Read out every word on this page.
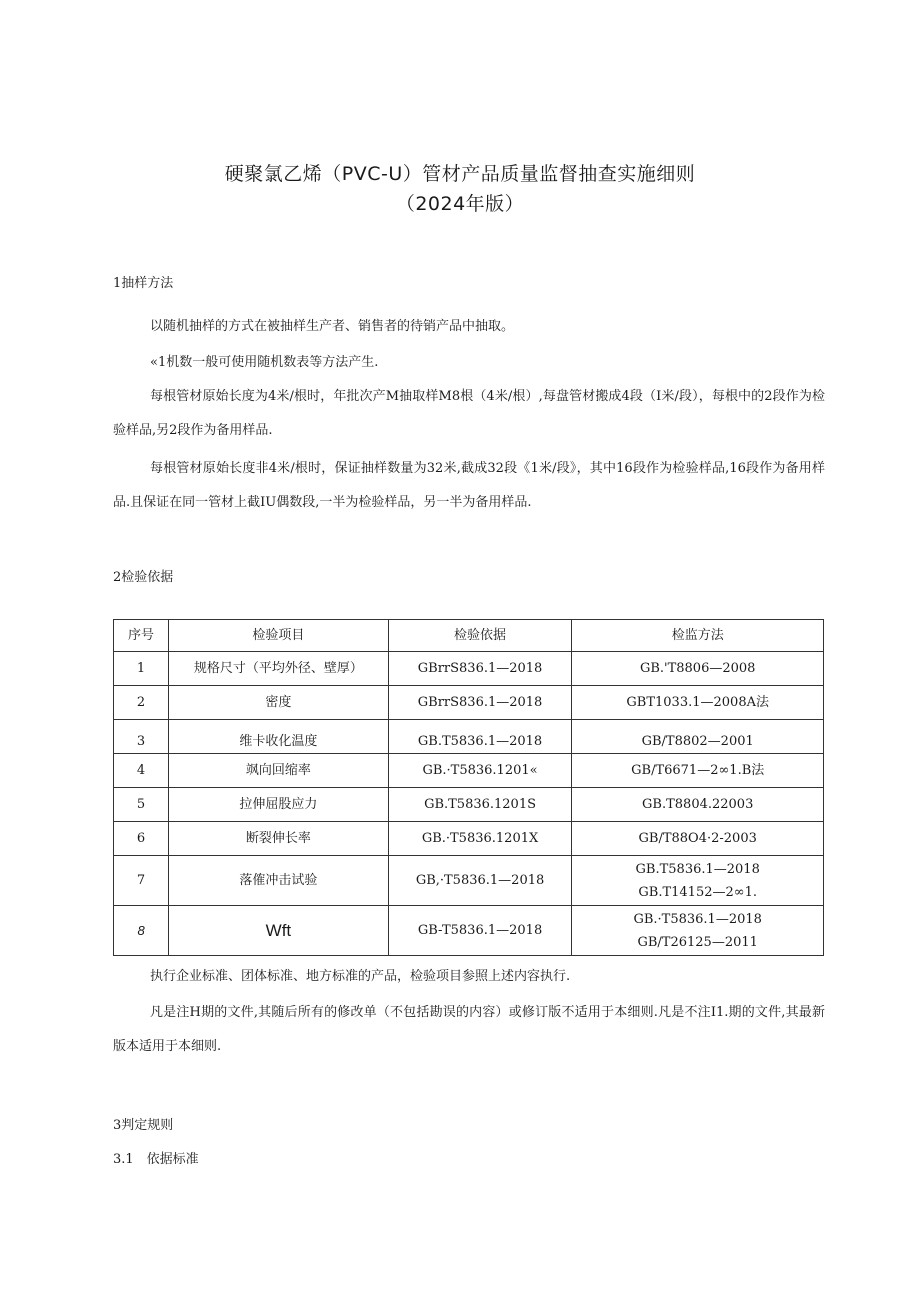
硬聚氯乙烯（PVC-U）管材产品质量监督抽查实施细则
（2024年版）
1抽样方法
以随机抽样的方式在被抽样生产者、销售者的待销产品中抽取。
«1机数一般可使用随机数表等方法产生.
每根管材原始长度为4米/根时，年批次产M抽取样M8根（4米/根）,每盘管材搬成4段（I米/段），每根中的2段作为检验样品,另2段作为备用样品.
每根管材原始长度非4米/根时，保证抽样数量为32米,截成32段《1米/段》，其中16段作为检验样品,16段作为备用样品.且保证在同一管材上截IU偶数段,一半为检验样品，另一半为备用样品.
2检验依据
序号	检验项目	检验依据	检监方法
1	规格尺寸（平均外径、壁厚）	GBrrS836.1—2018	GB.'T8806—2008
2	密度	GBrrS836.1—2018	GBT1033.1—2008A法
3	维卡收化温度	GB.T5836.1—2018	GB/T8802—2001
4	飒向回缩率	GB.·T5836.1201«	GB/T6671—2∞1.B法
5	拉伸屈股应力	GB.T5836.1201S	GB.T8804.22003
6	断裂伸长率	GB.·T5836.1201X	GB/T88O4·2-2003
7	落傕冲击试验	GB,·T5836.1—2018	GB.T5836.1—2018
GB.T14152—2∞1.

8	Wft	GB-T5836.1—2018	GB.·T5836.1—2018
GB/T26125—2011
执行企业标准、团体标准、地方标准的产品，检验项目参照上述内容执行.
凡是注H期的文件,其随后所有的修改单（不包括勘误的内容）或修订版不适用于本细则.凡是不注I1.期的文件,其最新版本适用于本细则.
3判定规则
3.1　依据标准
